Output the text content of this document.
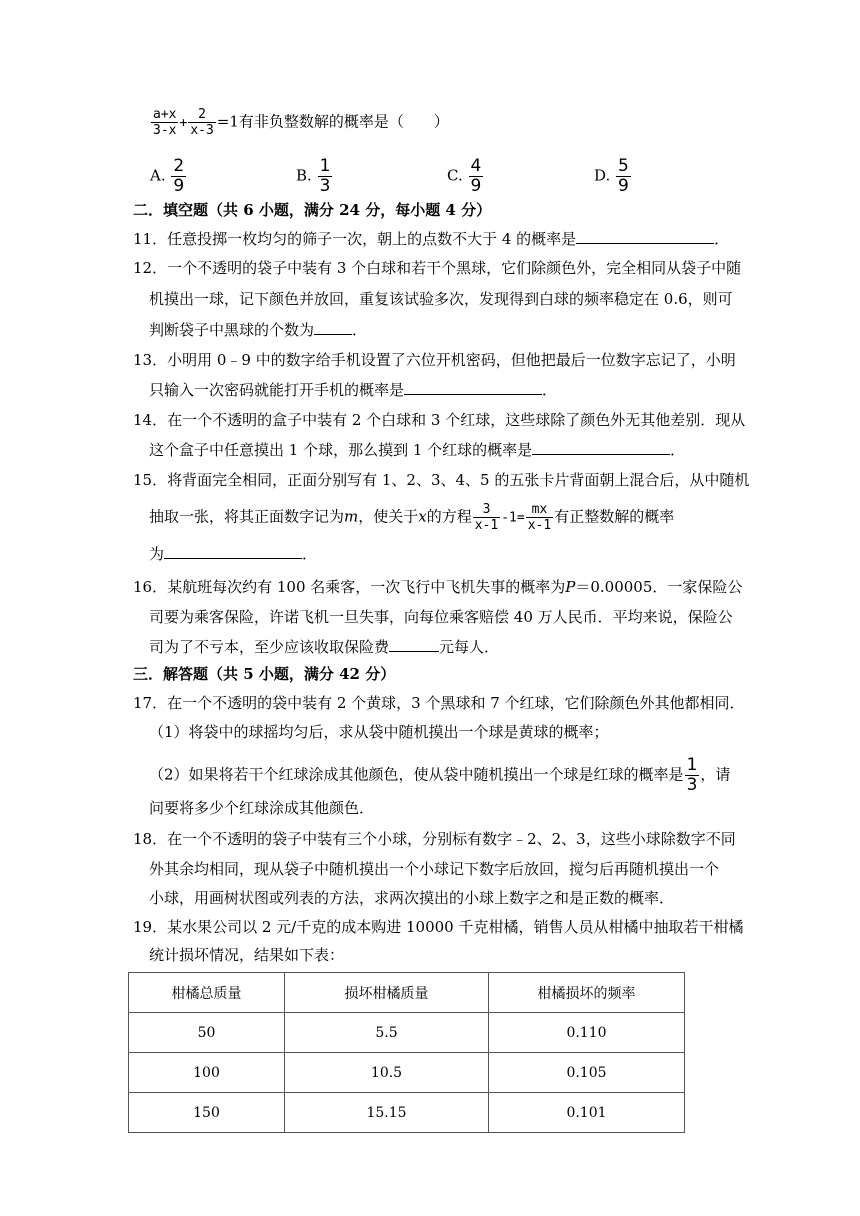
$\frac{a+x}{3-x} + \frac{2}{x-3} =1$有非负整数解的概率是（　　）
A. $\frac{2}{9}$	B. $\frac{1}{3}$	C. $\frac{4}{9}$	D. $\frac{5}{9}$
二．填空题（共 6 小题，满分 24 分，每小题 4 分）
11．任意投掷一枚均匀的筛子一次，朝上的点数不大于 4 的概率是	．
12．一个不透明的袋子中装有 3 个白球和若干个黑球，它们除颜色外，完全相同从袋子中随
机摸出一球，记下颜色并放回，重复该试验多次，发现得到白球的频率稳定在 0.6，则可
判断袋子中黑球的个数为	．
13．小明用 0﹣9 中的数字给手机设置了六位开机密码，但他把最后一位数字忘记了，小明
只输入一次密码就能打开手机的概率是	．
14．在一个不透明的盒子中装有 2 个白球和 3 个红球，这些球除了颜色外无其他差别．现从
这个盒子中任意摸出 1 个球，那么摸到 1 个红球的概率是	．
15．将背面完全相同，正面分别写有 1、2、3、4、5 的五张卡片背面朝上混合后，从中随机
抽取一张，将其正面数字记为m，使关于x的方程 $\frac{3}{x-1} -1= \frac{mx}{x-1}$ 有正整数解的概率
为	．
16．某航班每次约有 100 名乘客，一次飞行中飞机失事的概率为P＝0.00005．一家保险公
司要为乘客保险，许诺飞机一旦失事，向每位乘客赔偿 40 万人民币．平均来说，保险公
司为了不亏本，至少应该收取保险费	元每人．
三．解答题（共 5 小题，满分 42 分）
17．在一个不透明的袋中装有 2 个黄球，3 个黑球和 7 个红球，它们除颜色外其他都相同．
（1）将袋中的球摇均匀后，求从袋中随机摸出一个球是黄球的概率；
（2）如果将若干个红球涂成其他颜色，使从袋中随机摸出一个球是红球的概率是 $\frac{1}{3}$ ，请
问要将多少个红球涂成其他颜色．
18．在一个不透明的袋子中装有三个小球，分别标有数字﹣2、2、3，这些小球除数字不同
外其余均相同，现从袋子中随机摸出一个小球记下数字后放回，搅匀后再随机摸出一个
小球，用画树状图或列表的方法，求两次摸出的小球上数字之和是正数的概率．
19．某水果公司以 2 元/千克的成本购进 10000 千克柑橘，销售人员从柑橘中抽取若干柑橘
统计损坏情况，结果如下表：
柑橘总质量	损坏柑橘质量	柑橘损坏的频率
50	5.5	0.110
100	10.5	0.105
150	15.15	0.101
